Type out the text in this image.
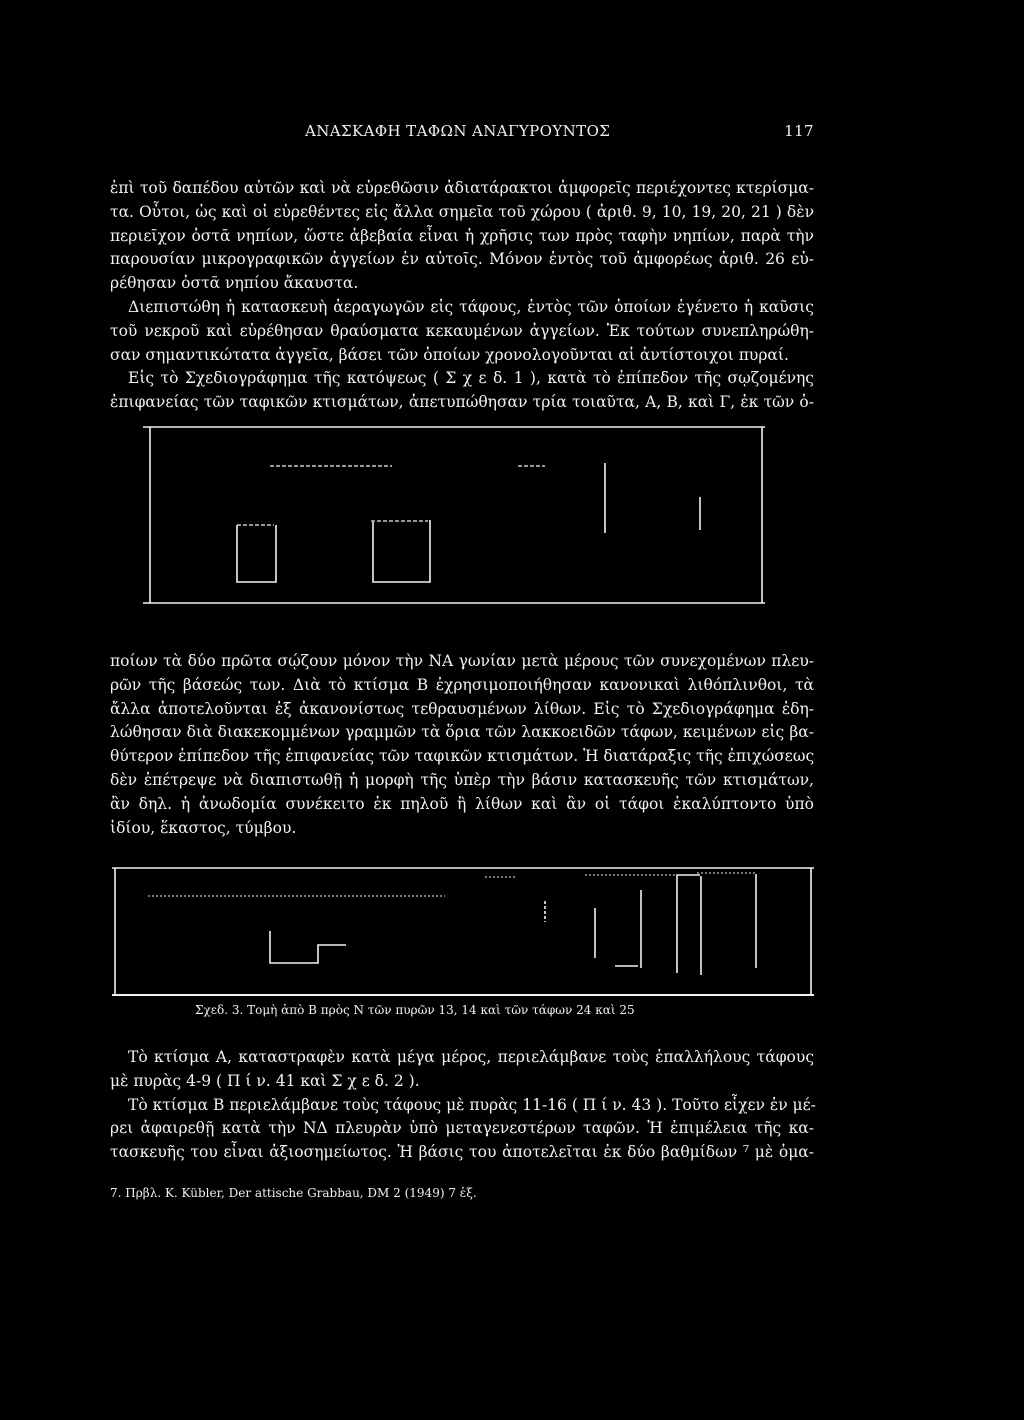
ΑΝΑΣΚΑΦΗ ΤΑΦΩΝ ΑΝΑΓΥΡΟΥΝΤΟΣ	117
ἐπὶ τοῦ δαπέδου αὐτῶν καὶ νὰ εὑρεθῶσιν ἀδιατάρακτοι ἀμφορεῖς περιέχοντες κτερίσμα-
τα. Οὗτοι, ὡς καὶ οἱ εὑρεθέντες εἰς ἄλλα σημεῖα τοῦ χώρου ( ἀριθ. 9, 10, 19, 20, 21 ) δὲν
περιεῖχον ὀστᾶ νηπίων, ὥστε ἀβεβαία εἶναι ἡ χρῆσις των πρὸς ταφὴν νηπίων, παρὰ τὴν
παρουσίαν μικρογραφικῶν ἀγγείων ἐν αὐτοῖς. Μόνον ἐντὸς τοῦ ἀμφορέως ἀριθ. 26 εὑ-
ρέθησαν ὀστᾶ νηπίου ἄκαυστα.
Διεπιστώθη ἡ κατασκευὴ ἀεραγωγῶν εἰς τάφους, ἐντὸς τῶν ὁποίων ἐγένετο ἡ καῦσις
τοῦ νεκροῦ καὶ εὑρέθησαν θραύσματα κεκαυμένων ἀγγείων. Ἐκ τούτων συνεπληρώθη-
σαν σημαντικώτατα ἀγγεῖα, βάσει τῶν ὁποίων χρονολογοῦνται αἱ ἀντίστοιχοι πυραί.
Εἰς τὸ Σχεδιογράφημα τῆς κατόψεως ( Σ χ ε δ. 1 ), κατὰ τὸ ἐπίπεδον τῆς σῳζομένης
ἐπιφανείας τῶν ταφικῶν κτισμάτων, ἀπετυπώθησαν τρία τοιαῦτα, Α, Β, καὶ Γ, ἐκ τῶν ὁ-
ποίων τὰ δύο πρῶτα σῴζουν μόνον τὴν ΝΑ γωνίαν μετὰ μέρους τῶν συνεχομένων πλευ-
ρῶν τῆς βάσεώς των. Διὰ τὸ κτίσμα Β ἐχρησιμοποιήθησαν κανονικαὶ λιθόπλινθοι, τὰ
ἄλλα ἀποτελοῦνται ἐξ ἀκανονίστως τεθραυσμένων λίθων. Εἰς τὸ Σχεδιογράφημα ἐδη-
λώθησαν διὰ διακεκομμένων γραμμῶν τὰ ὅρια τῶν λακκοειδῶν τάφων, κειμένων εἰς βα-
θύτερον ἐπίπεδον τῆς ἐπιφανείας τῶν ταφικῶν κτισμάτων. Ἡ διατάραξις τῆς ἐπιχώσεως
δὲν ἐπέτρεψε νὰ διαπιστωθῇ ἡ μορφὴ τῆς ὑπὲρ τὴν βάσιν κατασκευῆς τῶν κτισμάτων,
ἂν δηλ. ἡ ἀνωδομία συνέκειτο ἐκ πηλοῦ ἢ λίθων καὶ ἂν οἱ τάφοι ἐκαλύπτοντο ὑπὸ
ἰδίου, ἕκαστος, τύμβου.
Σχεδ. 3. Τομὴ ἀπὸ Β πρὸς Ν τῶν πυρῶν 13, 14 καὶ τῶν τάφων 24 καὶ 25
Τὸ κτίσμα Α, καταστραφὲν κατὰ μέγα μέρος, περιελάμβανε τοὺς ἐπαλλήλους τάφους
μὲ πυρὰς 4-9 ( Π ί ν. 41 καὶ Σ χ ε δ. 2 ).
Τὸ κτίσμα Β περιελάμβανε τοὺς τάφους μὲ πυρὰς 11-16 ( Π ί ν. 43 ). Τοῦτο εἶχεν ἐν μέ-
ρει ἀφαιρεθῇ κατὰ τὴν ΝΔ πλευρὰν ὑπὸ μεταγενεστέρων ταφῶν. Ἡ ἐπιμέλεια τῆς κα-
τασκευῆς του εἶναι ἀξιοσημείωτος. Ἡ βάσις του ἀποτελεῖται ἐκ δύο βαθμίδων ⁷ μὲ ὁμα-
7. Πρβλ. K. Kübler, Der attische Grabbau, DM 2 (1949) 7 ἑξ.
